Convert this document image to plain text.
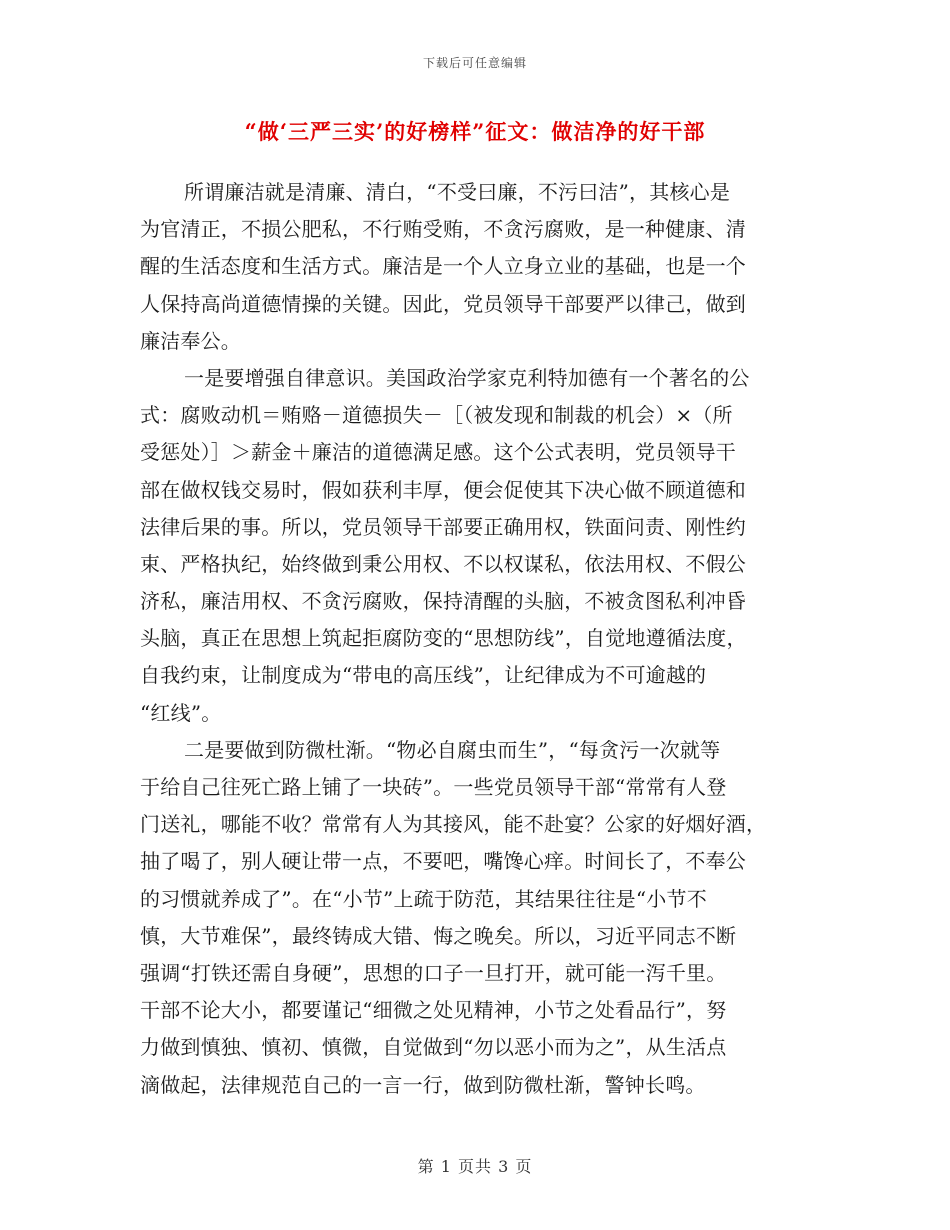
下载后可任意编辑
“做‘三严三实’的好榜样”征文：做洁净的好干部
所谓廉洁就是清廉、清白，“不受曰廉，不污曰洁”，其核心是
为官清正，不损公肥私，不行贿受贿，不贪污腐败，是一种健康、清
醒的生活态度和生活方式。廉洁是一个人立身立业的基础，也是一个
人保持高尚道德情操的关键。因此，党员领导干部要严以律己，做到
廉洁奉公。
一是要增强自律意识。美国政治学家克利特加德有一个著名的公
式：腐败动机＝贿赂－道德损失－［（被发现和制裁的机会）×（所
受惩处）］＞薪金＋廉洁的道德满足感。这个公式表明，党员领导干
部在做权钱交易时，假如获利丰厚，便会促使其下决心做不顾道德和
法律后果的事。所以，党员领导干部要正确用权，铁面问责、刚性约
束、严格执纪，始终做到秉公用权、不以权谋私，依法用权、不假公
济私，廉洁用权、不贪污腐败，保持清醒的头脑，不被贪图私利冲昏
头脑，真正在思想上筑起拒腐防变的“思想防线”，自觉地遵循法度，
自我约束，让制度成为“带电的高压线”，让纪律成为不可逾越的
“红线”。
二是要做到防微杜渐。“物必自腐虫而生”，“每贪污一次就等
于给自己往死亡路上铺了一块砖”。一些党员领导干部“常常有人登
门送礼，哪能不收？常常有人为其接风，能不赴宴？公家的好烟好酒，
抽了喝了，别人硬让带一点，不要吧，嘴馋心痒。时间长了，不奉公
的习惯就养成了”。在“小节”上疏于防范，其结果往往是“小节不
慎，大节难保”，最终铸成大错、悔之晚矣。所以，习近平同志不断
强调“打铁还需自身硬”，思想的口子一旦打开，就可能一泻千里。
干部不论大小，都要谨记“细微之处见精神，小节之处看品行”，努
力做到慎独、慎初、慎微，自觉做到“勿以恶小而为之”，从生活点
滴做起，法律规范自己的一言一行，做到防微杜渐，警钟长鸣。
第 1 页共 3 页
